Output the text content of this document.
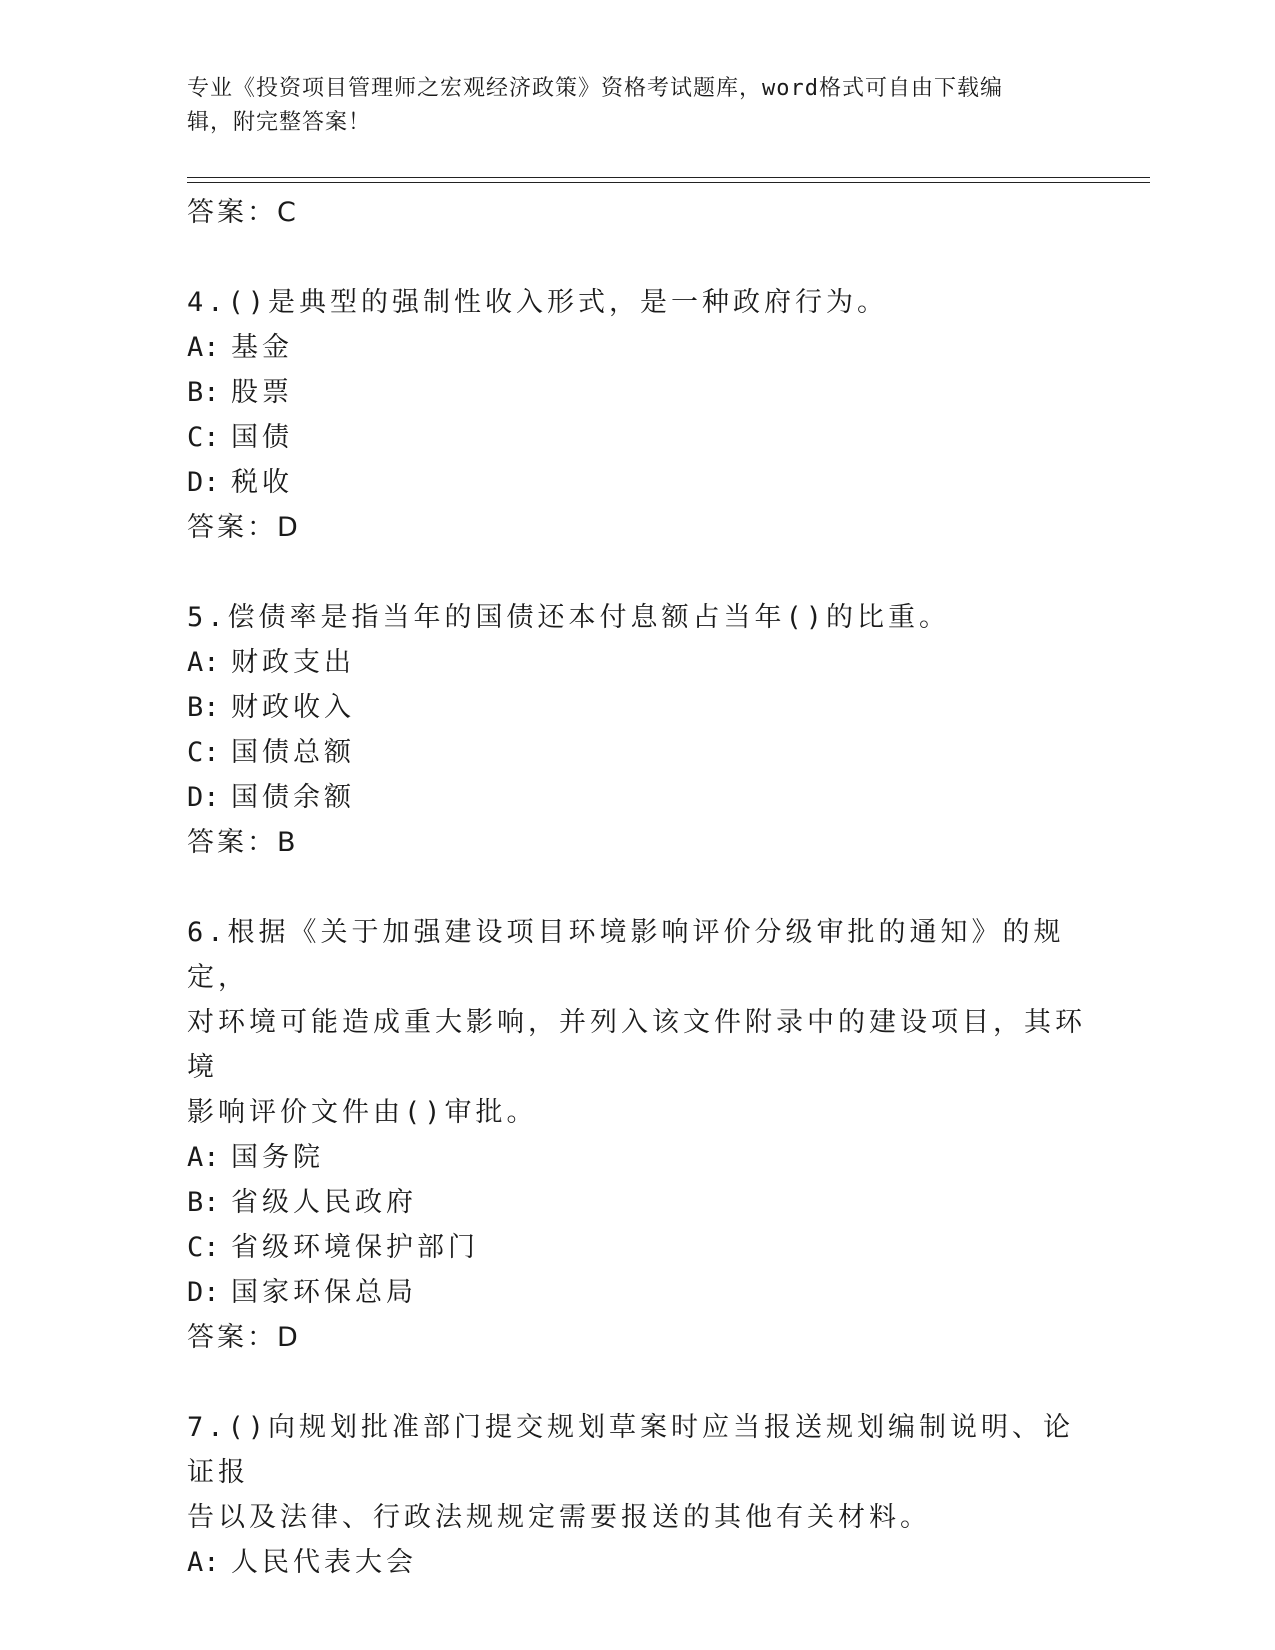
专业《投资项目管理师之宏观经济政策》资格考试题库，word格式可自由下载编
辑，附完整答案！

答案：C

4.()是典型的强制性收入形式，是一种政府行为。

A: 基金

B: 股票

C: 国债

D: 税收

答案：D

5.偿债率是指当年的国债还本付息额占当年()的比重。

A: 财政支出

B: 财政收入

C: 国债总额

D: 国债余额

答案：B

6.根据《关于加强建设项目环境影响评价分级审批的通知》的规定，

对环境可能造成重大影响，并列入该文件附录中的建设项目，其环境

影响评价文件由()审批。

A: 国务院

B: 省级人民政府

C: 省级环境保护部门

D: 国家环保总局

答案：D

7.()向规划批准部门提交规划草案时应当报送规划编制说明、论证报

告以及法律、行政法规规定需要报送的其他有关材料。

A: 人民代表大会
